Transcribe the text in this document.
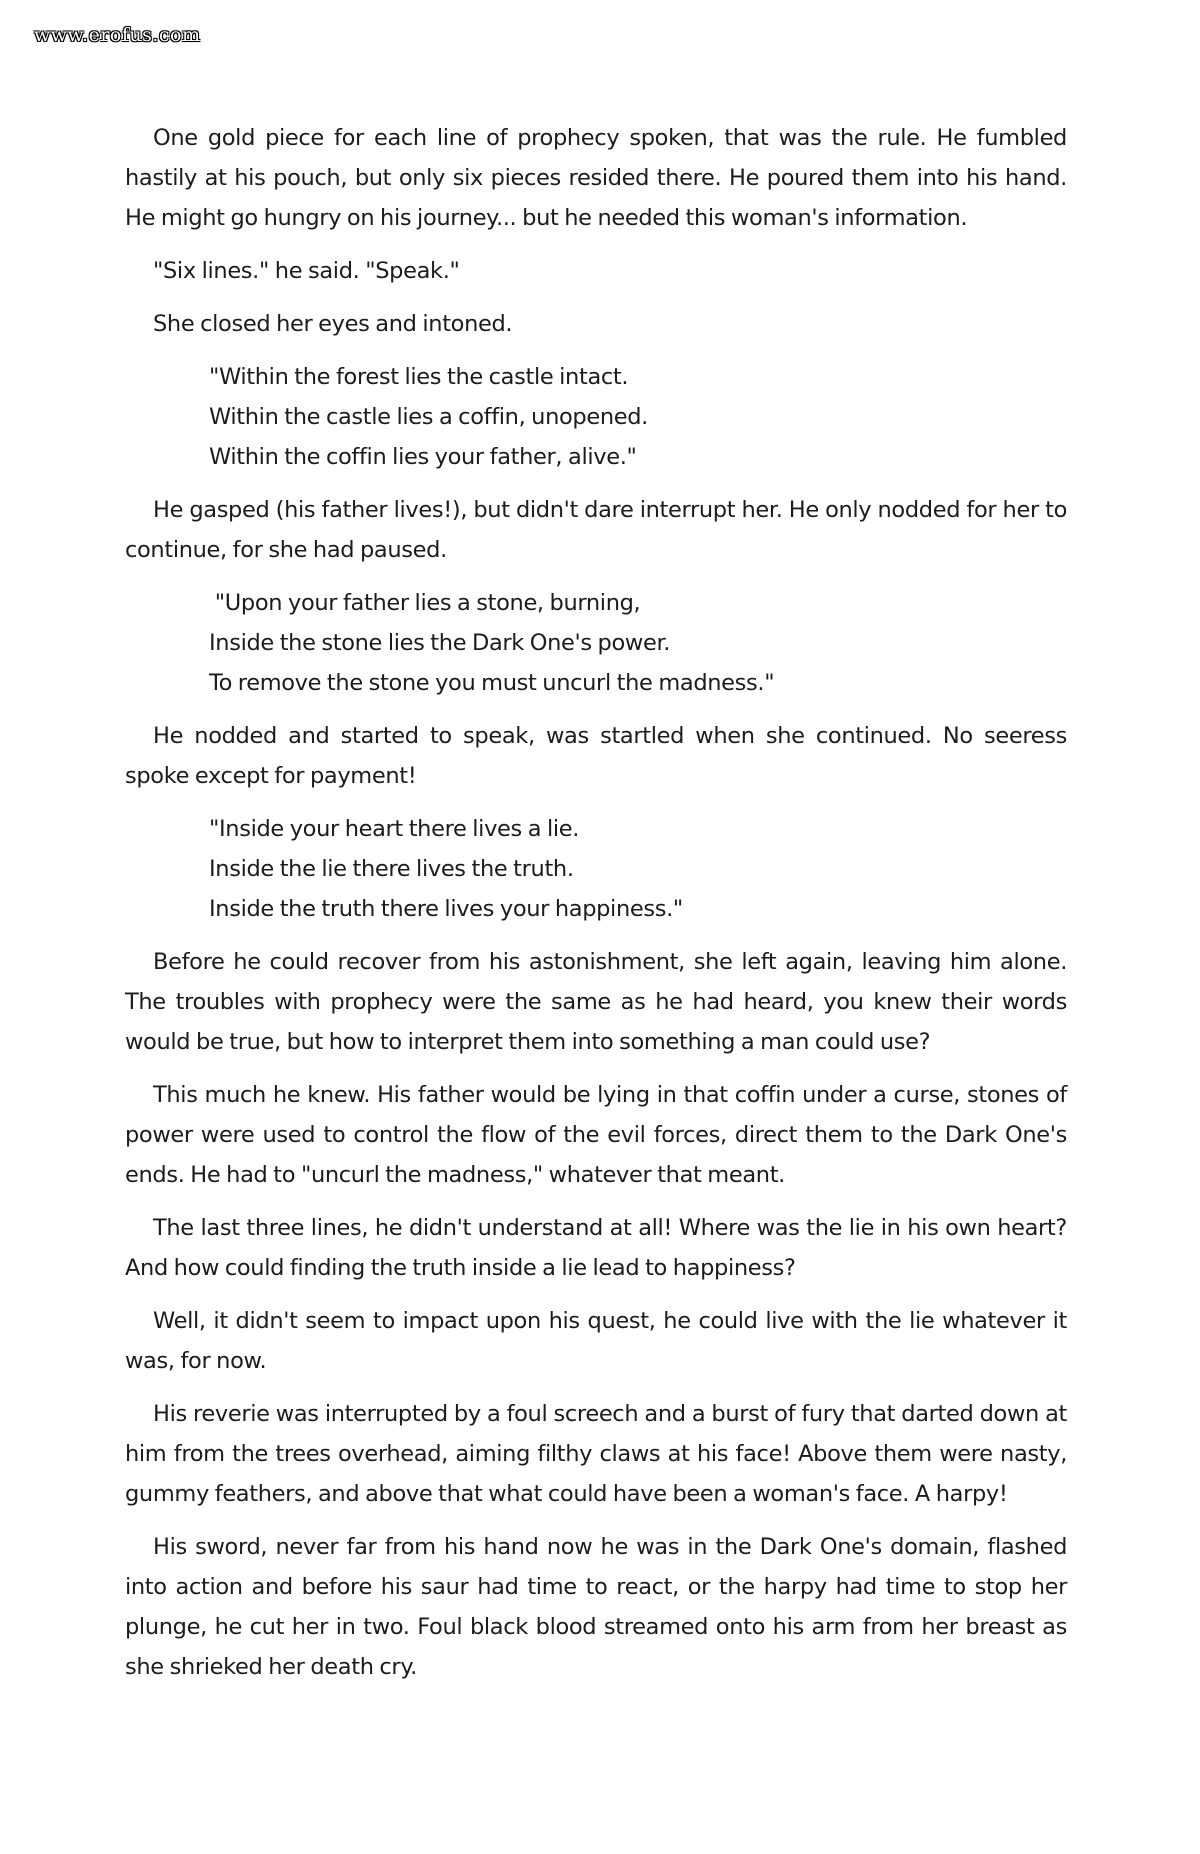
www.erofus.com

One gold piece for each line of prophecy spoken, that was the rule. He fumbled hastily at his pouch, but only six pieces resided there. He poured them into his hand. He might go hungry on his journey... but he needed this woman's information.

"Six lines." he said. "Speak."

She closed her eyes and intoned.

"Within the forest lies the castle intact.
Within the castle lies a coffin, unopened.
Within the coffin lies your father, alive."

He gasped (his father lives!), but didn't dare interrupt her. He only nodded for her to continue, for she had paused.

"Upon your father lies a stone, burning,
Inside the stone lies the Dark One's power.
To remove the stone you must uncurl the madness."

He nodded and started to speak, was startled when she continued. No seeress spoke except for payment!

"Inside your heart there lives a lie.
Inside the lie there lives the truth.
Inside the truth there lives your happiness."

Before he could recover from his astonishment, she left again, leaving him alone. The troubles with prophecy were the same as he had heard, you knew their words would be true, but how to interpret them into something a man could use?

This much he knew. His father would be lying in that coffin under a curse, stones of power were used to control the flow of the evil forces, direct them to the Dark One's ends. He had to "uncurl the madness," whatever that meant.

The last three lines, he didn't understand at all! Where was the lie in his own heart? And how could finding the truth inside a lie lead to happiness?

Well, it didn't seem to impact upon his quest, he could live with the lie whatever it was, for now.

His reverie was interrupted by a foul screech and a burst of fury that darted down at him from the trees overhead, aiming filthy claws at his face! Above them were nasty, gummy feathers, and above that what could have been a woman's face. A harpy!

His sword, never far from his hand now he was in the Dark One's domain, flashed into action and before his saur had time to react, or the harpy had time to stop her plunge, he cut her in two. Foul black blood streamed onto his arm from her breast as she shrieked her death cry.
